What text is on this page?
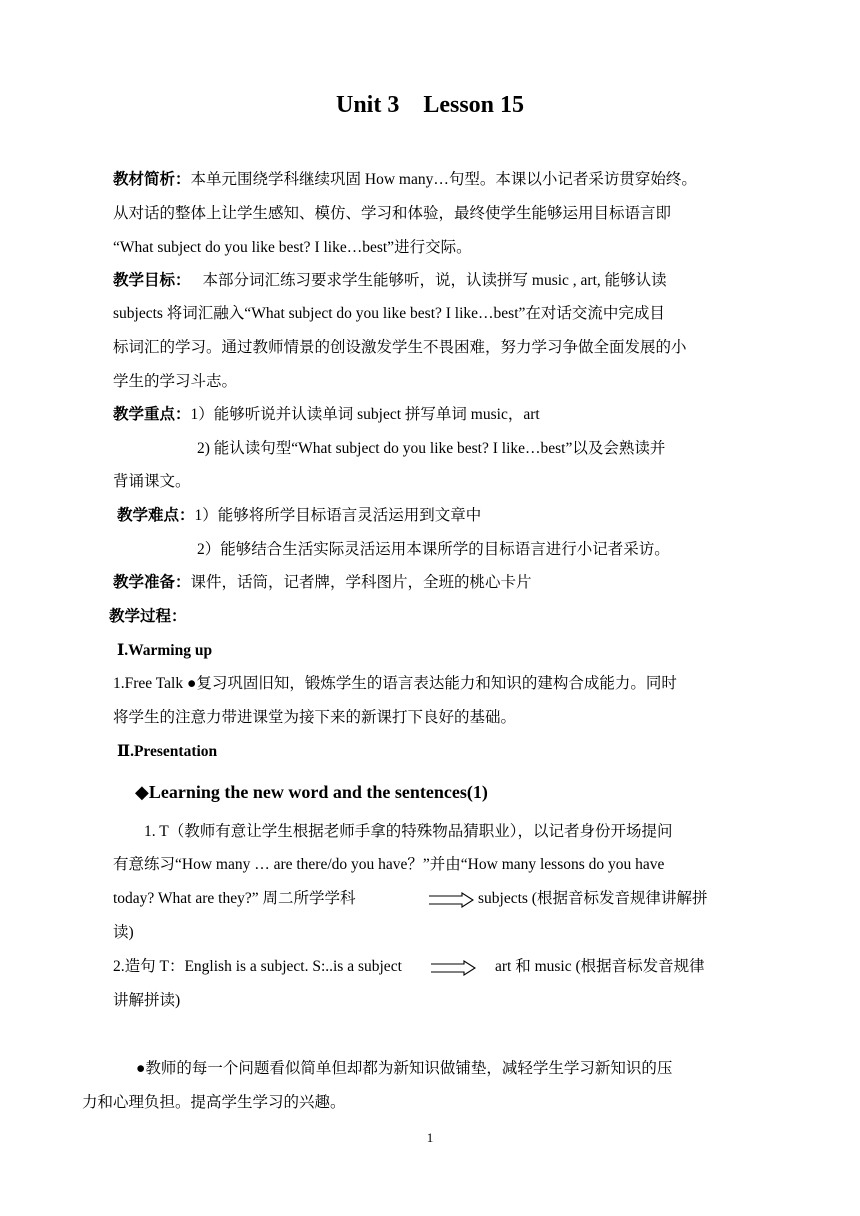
Unit 3    Lesson 15
教材简析：本单元围绕学科继续巩固 How many…句型。本课以小记者采访贯穿始终。
从对话的整体上让学生感知、模仿、学习和体验，最终使学生能够运用目标语言即
“What subject do you like best? I like…best”进行交际。
教学目标： 本部分词汇练习要求学生能够听，说，认读拼写 music , art, 能够认读
subjects 将词汇融入“What subject do you like best? I like…best”在对话交流中完成目
标词汇的学习。通过教师情景的创设激发学生不畏困难，努力学习争做全面发展的小
学生的学习斗志。
教学重点：1）能够听说并认读单词 subject 拼写单词 music，art
2) 能认读句型“What subject do you like best? I like…best”以及会熟读并
背诵课文。
教学难点：1）能够将所学目标语言灵活运用到文章中
2）能够结合生活实际灵活运用本课所学的目标语言进行小记者采访。
教学准备：课件，话筒，记者牌，学科图片，全班的桃心卡片
教学过程：
Ⅰ.Warming up
1.Free Talk ●复习巩固旧知，锻炼学生的语言表达能力和知识的建构合成能力。同时
将学生的注意力带进课堂为接下来的新课打下良好的基础。
Ⅱ.Presentation
◆Learning the new word and the sentences(1)
1. T（教师有意让学生根据老师手拿的特殊物品猜职业），以记者身份开场提问
有意练习“How many … are there/do you have？”并由“How many lessons do you have
today? What are they?” 周二所学学科	subjects (根据音标发音规律讲解拼
读)
2.造句 T：English is a subject. S:..is a subject	art 和 music (根据音标发音规律
讲解拼读)
●教师的每一个问题看似简单但却都为新知识做铺垫，减轻学生学习新知识的压
力和心理负担。提高学生学习的兴趣。
1
